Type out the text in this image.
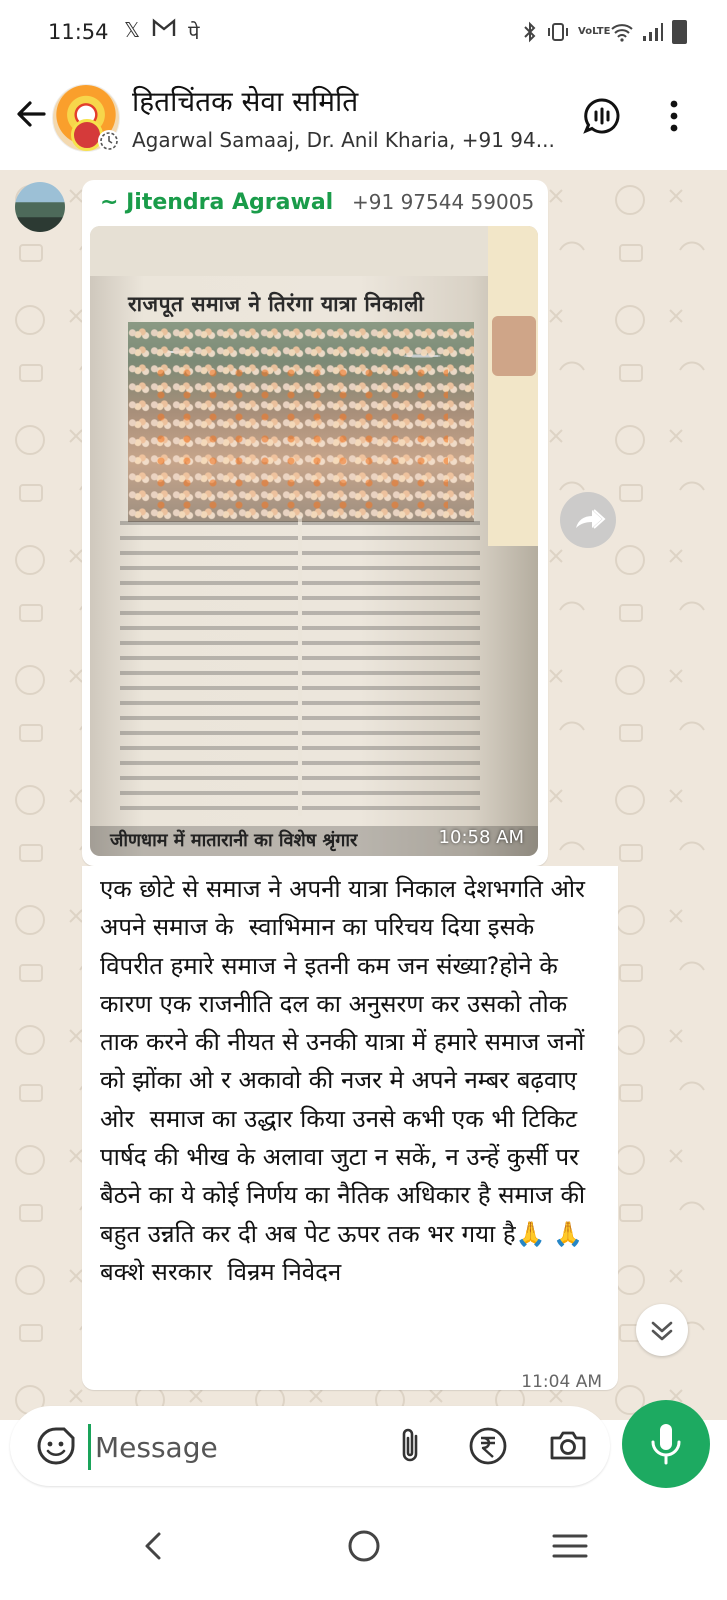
11:54 𝕏 पे	VoLTE
हितचिंतक सेवा समिति
Agarwal Samaaj, Dr. Anil Kharia, +91 94...
~ Jitendra Agrawal +91 97544 59005
राजपूत समाज ने तिरंगा यात्रा निकाली
जीणधाम में मातारानी का विशेष श्रृंगार	10:58 AM
एक छोटे से समाज ने अपनी यात्रा निकाल देशभगति ओर  अपने समाज के  स्वाभिमान का परिचय दिया इसके विपरीत हमारे समाज ने इतनी कम जन संख्या?होने के कारण एक राजनीति दल का अनुसरण कर उसको तोक ताक करने की नीयत से उनकी यात्रा में हमारे समाज जनों को झोंका ओ र अकावो की नजर मे अपने नम्बर बढ़वाए ओर  समाज का उद्धार किया उनसे कभी एक भी टिकिट पार्षद की भीख के अलावा जुटा न सकें, न उन्हें कुर्सी पर बैठने का ये कोई निर्णय का नैतिक अधिकार है समाज की बहुत उन्नति कर दी अब पेट ऊपर तक भर गया है🙏 🙏  बक्शे सरकार  विन्रम निवेदन
11:04 AM
Message
